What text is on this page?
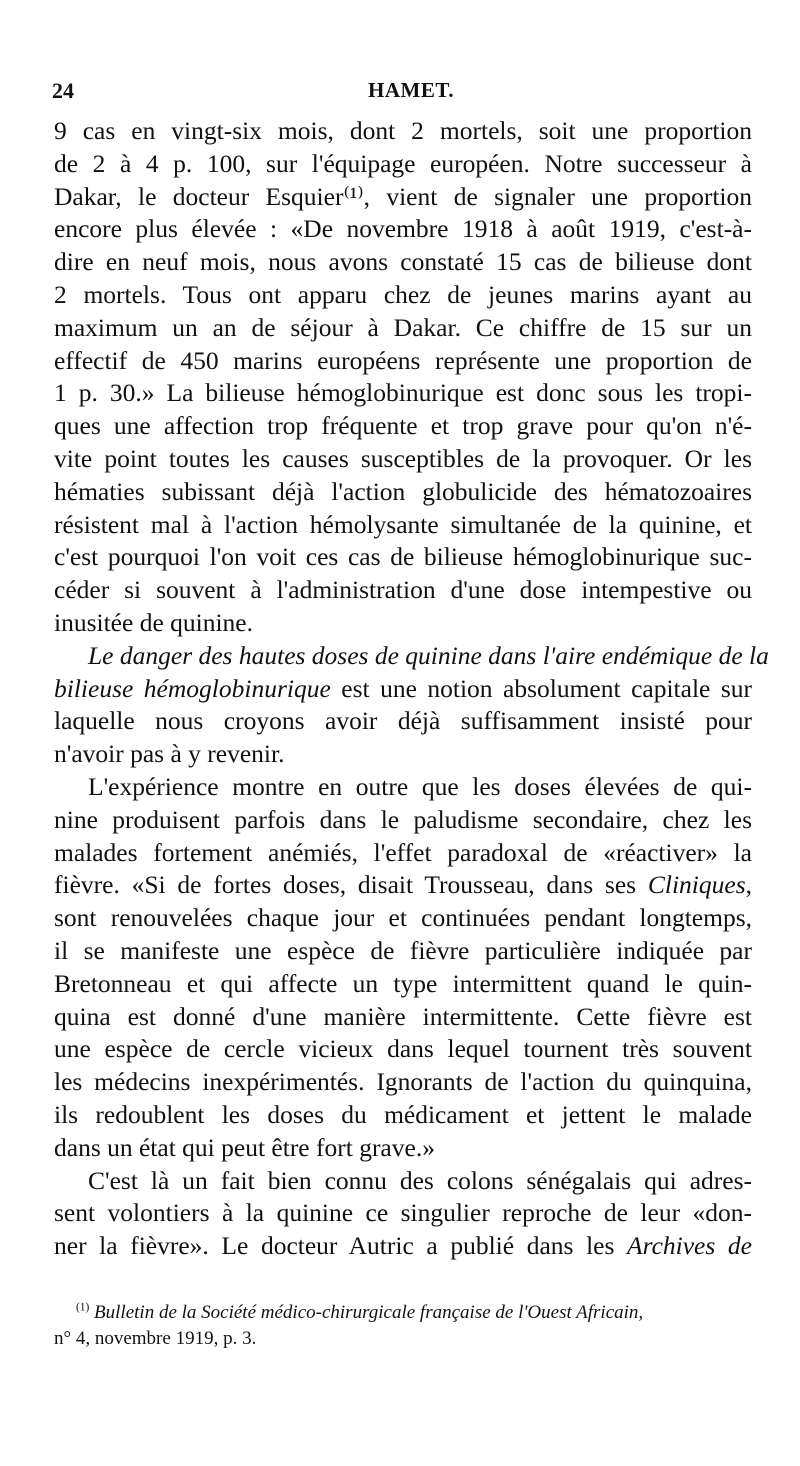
24	HAMET.
9 cas en vingt-six mois, dont 2 mortels, soit une proportion
de 2 à 4 p. 100, sur l'équipage européen. Notre successeur à
Dakar, le docteur Esquier⁽¹⁾, vient de signaler une proportion
encore plus élevée : «De novembre 1918 à août 1919, c'est-à-
dire en neuf mois, nous avons constaté 15 cas de bilieuse dont
2 mortels. Tous ont apparu chez de jeunes marins ayant au
maximum un an de séjour à Dakar. Ce chiffre de 15 sur un
effectif de 450 marins européens représente une proportion de
1 p. 30.» La bilieuse hémoglobinurique est donc sous les tropi-
ques une affection trop fréquente et trop grave pour qu'on n'é-
vite point toutes les causes susceptibles de la provoquer. Or les
hématies subissant déjà l'action globulicide des hématozoaires
résistent mal à l'action hémolysante simultanée de la quinine, et
c'est pourquoi l'on voit ces cas de bilieuse hémoglobinurique suc-
céder si souvent à l'administration d'une dose intempestive ou
inusitée de quinine.
Le danger des hautes doses de quinine dans l'aire endémique de la
bilieuse hémoglobinurique est une notion absolument capitale sur
laquelle nous croyons avoir déjà suffisamment insisté pour
n'avoir pas à y revenir.
L'expérience montre en outre que les doses élevées de qui-
nine produisent parfois dans le paludisme secondaire, chez les
malades fortement anémiés, l'effet paradoxal de «réactiver» la
fièvre. «Si de fortes doses, disait Trousseau, dans ses Cliniques,
sont renouvelées chaque jour et continuées pendant longtemps,
il se manifeste une espèce de fièvre particulière indiquée par
Bretonneau et qui affecte un type intermittent quand le quin-
quina est donné d'une manière intermittente. Cette fièvre est
une espèce de cercle vicieux dans lequel tournent très souvent
les médecins inexpérimentés. Ignorants de l'action du quinquina,
ils redoublent les doses du médicament et jettent le malade
dans un état qui peut être fort grave.»
C'est là un fait bien connu des colons sénégalais qui adres-
sent volontiers à la quinine ce singulier reproche de leur «don-
ner la fièvre». Le docteur Autric a publié dans les Archives de
$^{(1)}$ Bulletin de la Société médico-chirurgicale française de l'Ouest Africain,
n° 4, novembre 1919, p. 3.
